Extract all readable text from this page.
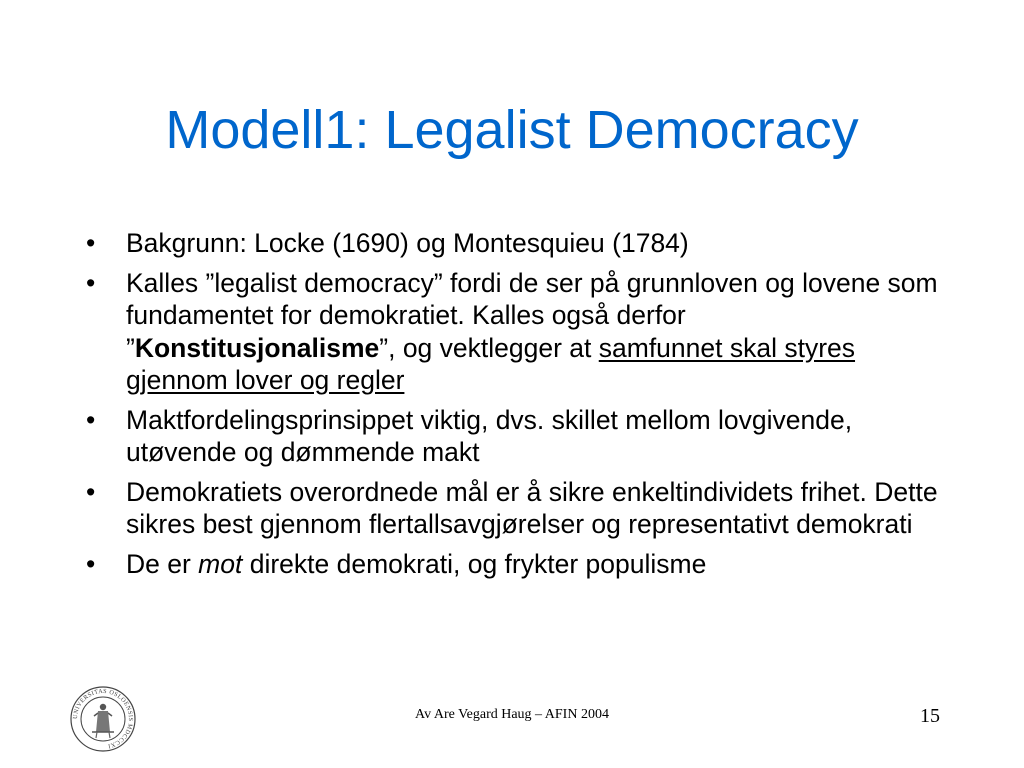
Modell1: Legalist Democracy
• Bakgrunn: Locke (1690) og Montesquieu (1784)
• Kalles ”legalist democracy” fordi de ser på grunnloven og lovene som fundamentet for demokratiet. Kalles også derfor ”Konstitusjonalisme”, og vektlegger at samfunnet skal styres gjennom lover og regler
• Maktfordelingsprinsippet viktig, dvs. skillet mellom lovgivende, utøvende og dømmende makt
• Demokratiets overordnede mål er å sikre enkeltindividets frihet. Dette sikres best gjennom flertallsavgjørelser og representativt demokrati
• De er mot direkte demokrati, og frykter populisme
UNIVERSITAS OSLOENSIS MDCCCXI
Av Are Vegard Haug – AFIN 2004	15
